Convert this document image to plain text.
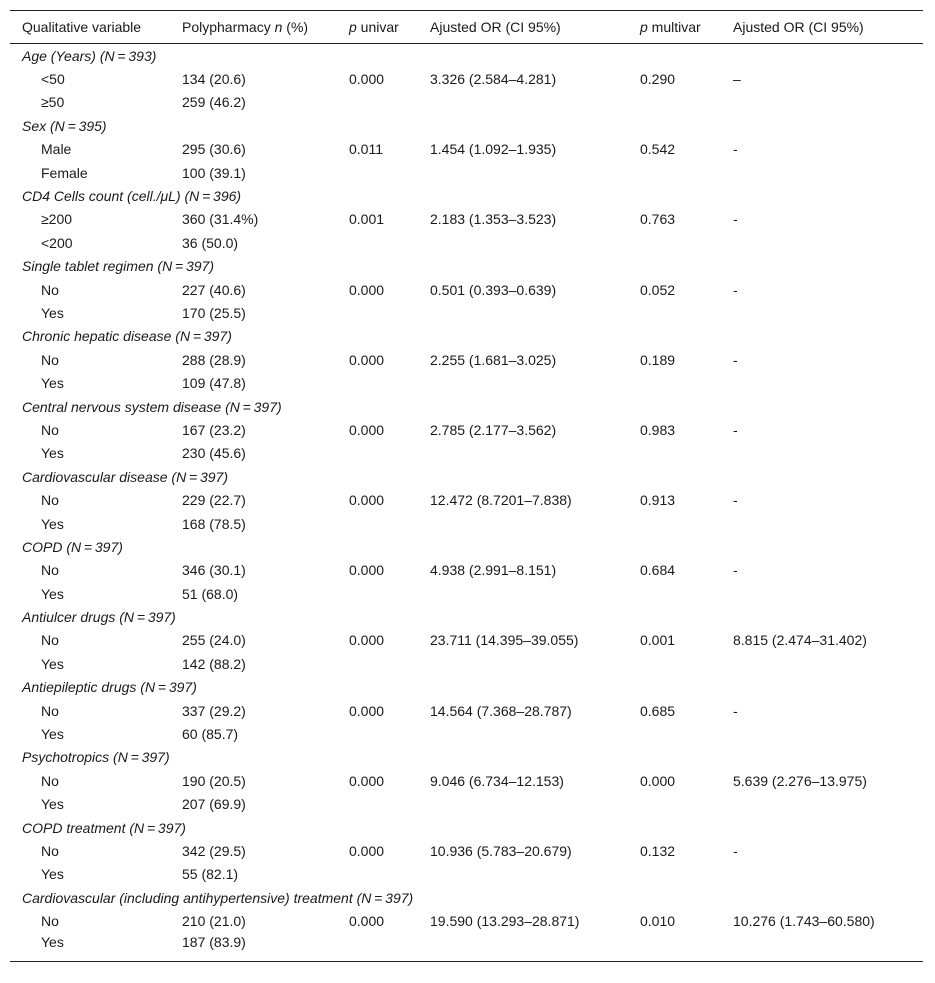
Qualitative variable	Polypharmacy n (%)	p univar	Ajusted OR (CI 95%)	p multivar	Ajusted OR (CI 95%)
Age (Years) (N = 393)					
<50	134 (20.6)	0.000	3.326 (2.584–4.281)	0.290	–
≥50	259 (46.2)				
Sex (N = 395)					
Male	295 (30.6)	0.011	1.454 (1.092–1.935)	0.542	-
Female	100 (39.1)				
CD4 Cells count (cell./μL) (N = 396)					
≥200	360 (31.4%)	0.001	2.183 (1.353–3.523)	0.763	-
<200	36 (50.0)				
Single tablet regimen (N = 397)					
No	227 (40.6)	0.000	0.501 (0.393–0.639)	0.052	-
Yes	170 (25.5)				
Chronic hepatic disease (N = 397)					
No	288 (28.9)	0.000	2.255 (1.681–3.025)	0.189	-
Yes	109 (47.8)				
Central nervous system disease (N = 397)					
No	167 (23.2)	0.000	2.785 (2.177–3.562)	0.983	-
Yes	230 (45.6)				
Cardiovascular disease (N = 397)					
No	229 (22.7)	0.000	12.472 (8.7201–7.838)	0.913	-
Yes	168 (78.5)				
COPD (N = 397)					
No	346 (30.1)	0.000	4.938 (2.991–8.151)	0.684	-
Yes	51 (68.0)				
Antiulcer drugs (N = 397)					
No	255 (24.0)	0.000	23.711 (14.395–39.055)	0.001	8.815 (2.474–31.402)
Yes	142 (88.2)				
Antiepileptic drugs (N = 397)					
No	337 (29.2)	0.000	14.564 (7.368–28.787)	0.685	-
Yes	60 (85.7)				
Psychotropics (N = 397)					
No	190 (20.5)	0.000	9.046 (6.734–12.153)	0.000	5.639 (2.276–13.975)
Yes	207 (69.9)				
COPD treatment (N = 397)					
No	342 (29.5)	0.000	10.936 (5.783–20.679)	0.132	-
Yes	55 (82.1)				
Cardiovascular (including antihypertensive) treatment (N = 397)					
No	210 (21.0)	0.000	19.590 (13.293–28.871)	0.010	10.276 (1.743–60.580)
Yes	187 (83.9)				
